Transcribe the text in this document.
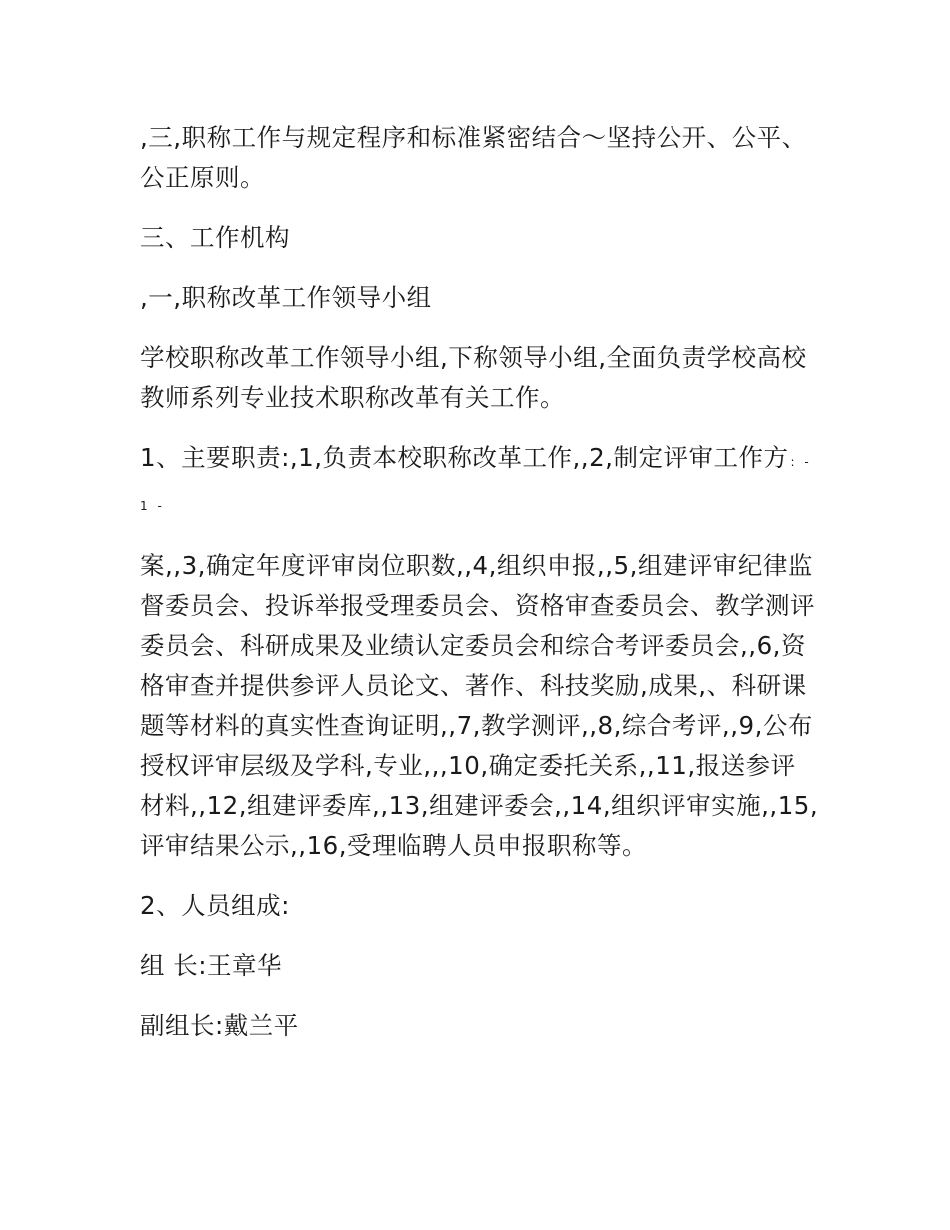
,三,职称工作与规定程序和标准紧密结合～坚持公开、公平、公正原则。

三、工作机构

,一,职称改革工作领导小组

学校职称改革工作领导小组,下称领导小组,全面负责学校高校教师系列专业技术职称改革有关工作。

1、主要职责:,1,负责本校职称改革工作,,2,制定评审工作方 : - 1 -

案,,3,确定年度评审岗位职数,,4,组织申报,,5,组建评审纪律监督委员会、投诉举报受理委员会、资格审查委员会、教学测评委员会、科研成果及业绩认定委员会和综合考评委员会,,6,资格审查并提供参评人员论文、著作、科技奖励,成果,、科研课题等材料的真实性查询证明,,7,教学测评,,8,综合考评,,9,公布授权评审层级及学科,专业,,,10,确定委托关系,,11,报送参评材料,,12,组建评委库,,13,组建评委会,,14,组织评审实施,,15,评审结果公示,,16,受理临聘人员申报职称等。

2、人员组成:

组 长:王章华

副组长:戴兰平
